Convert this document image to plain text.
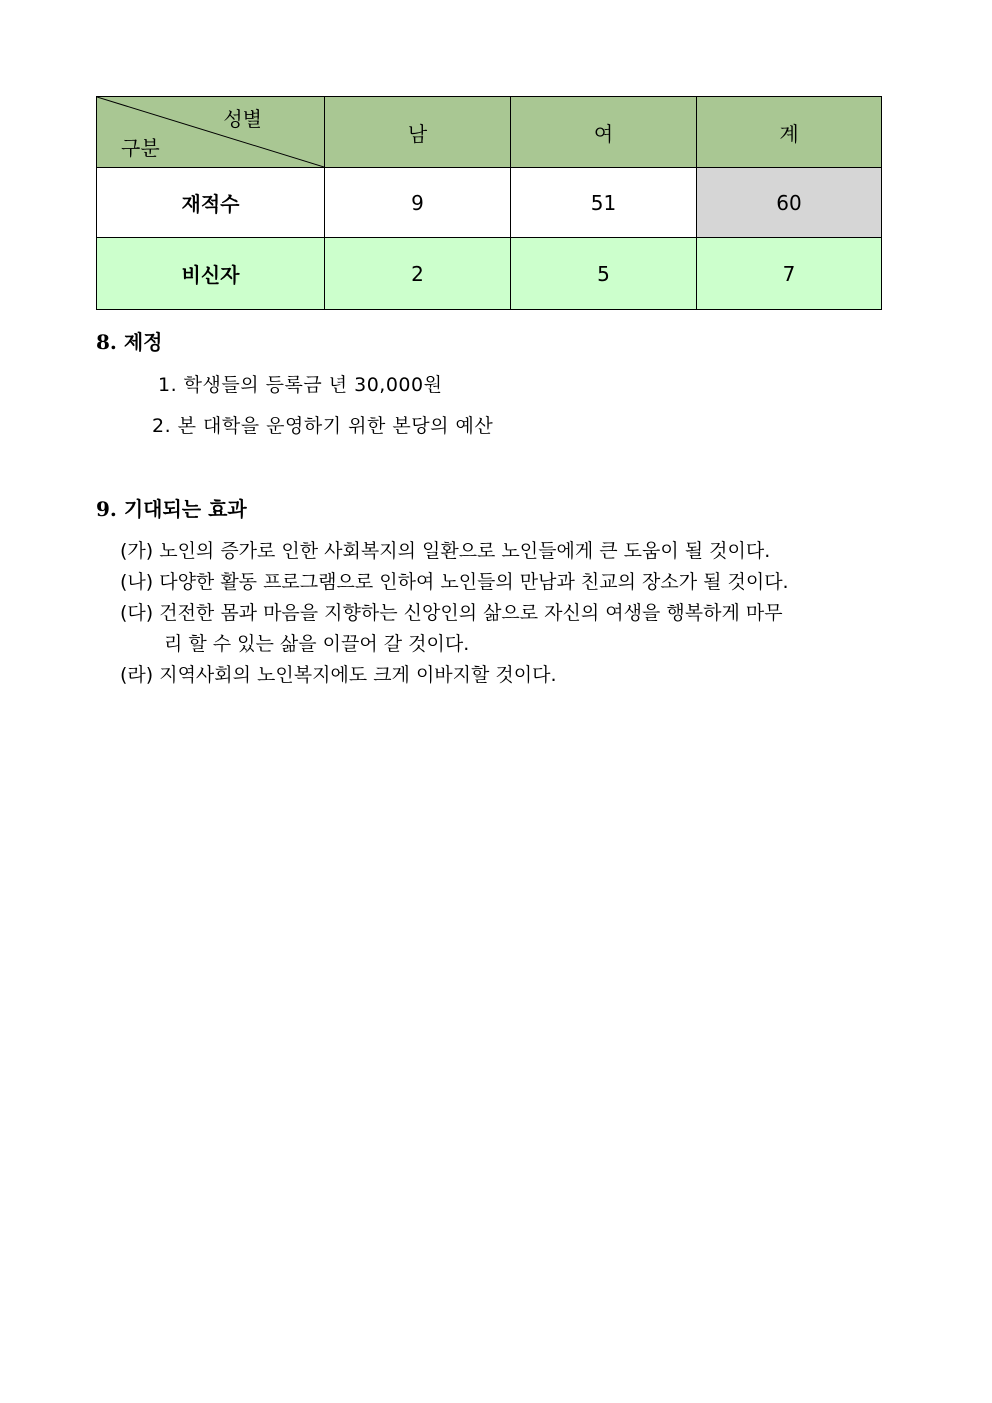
성별
구분	남	여	계
재적수	9	51	60
비신자	2	5	7
8. 제정
1. 학생들의 등록금 년 30,000원
2. 본 대학을 운영하기 위한 본당의 예산
9. 기대되는 효과
(가) 노인의 증가로 인한 사회복지의 일환으로 노인들에게 큰 도움이 될 것이다.
(나) 다양한 활동 프로그램으로 인하여 노인들의 만남과 친교의 장소가 될 것이다.
(다) 건전한 몸과 마음을 지향하는 신앙인의 삶으로 자신의 여생을 행복하게 마무
리 할 수 있는 삶을 이끌어 갈 것이다.
(라) 지역사회의 노인복지에도 크게 이바지할 것이다.
